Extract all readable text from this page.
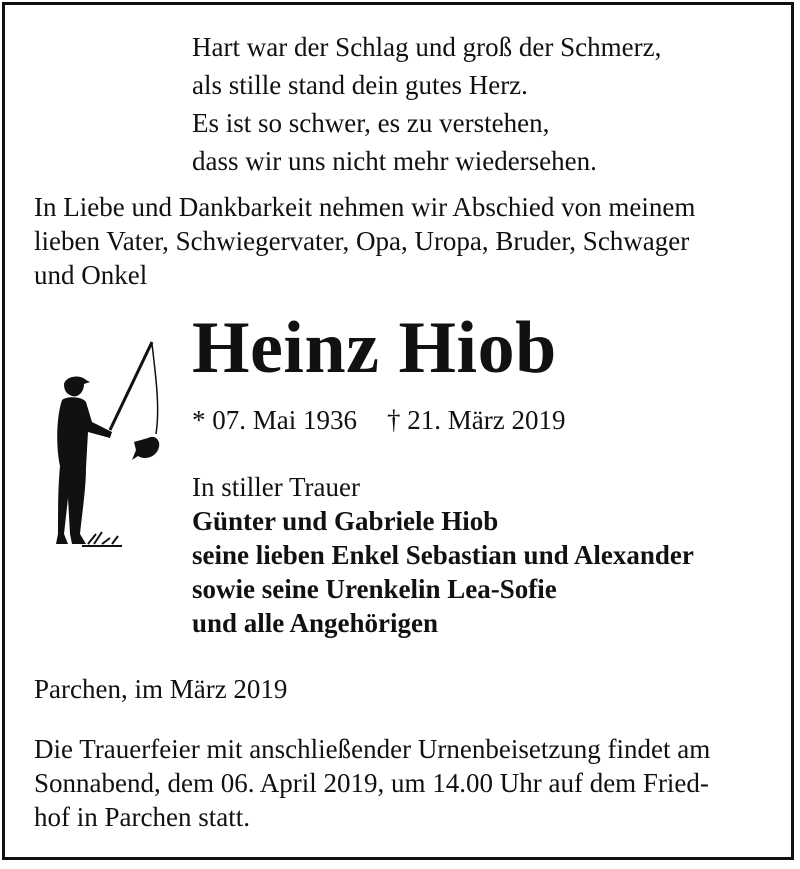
Hart war der Schlag und groß der Schmerz,
als stille stand dein gutes Herz.
Es ist so schwer, es zu verstehen,
dass wir uns nicht mehr wiedersehen.
In Liebe und Dankbarkeit nehmen wir Abschied von meinem
lieben Vater, Schwiegervater, Opa, Uropa, Bruder, Schwager
und Onkel
Heinz Hiob
* 07. Mai 1936 † 21. März 2019
In stiller Trauer
Günter und Gabriele Hiob
seine lieben Enkel Sebastian und Alexander
sowie seine Urenkelin Lea-Sofie
und alle Angehörigen
Parchen, im März 2019
Die Trauerfeier mit anschließender Urnenbeisetzung findet am
Sonnabend, dem 06. April 2019, um 14.00 Uhr auf dem Fried-
hof in Parchen statt.
